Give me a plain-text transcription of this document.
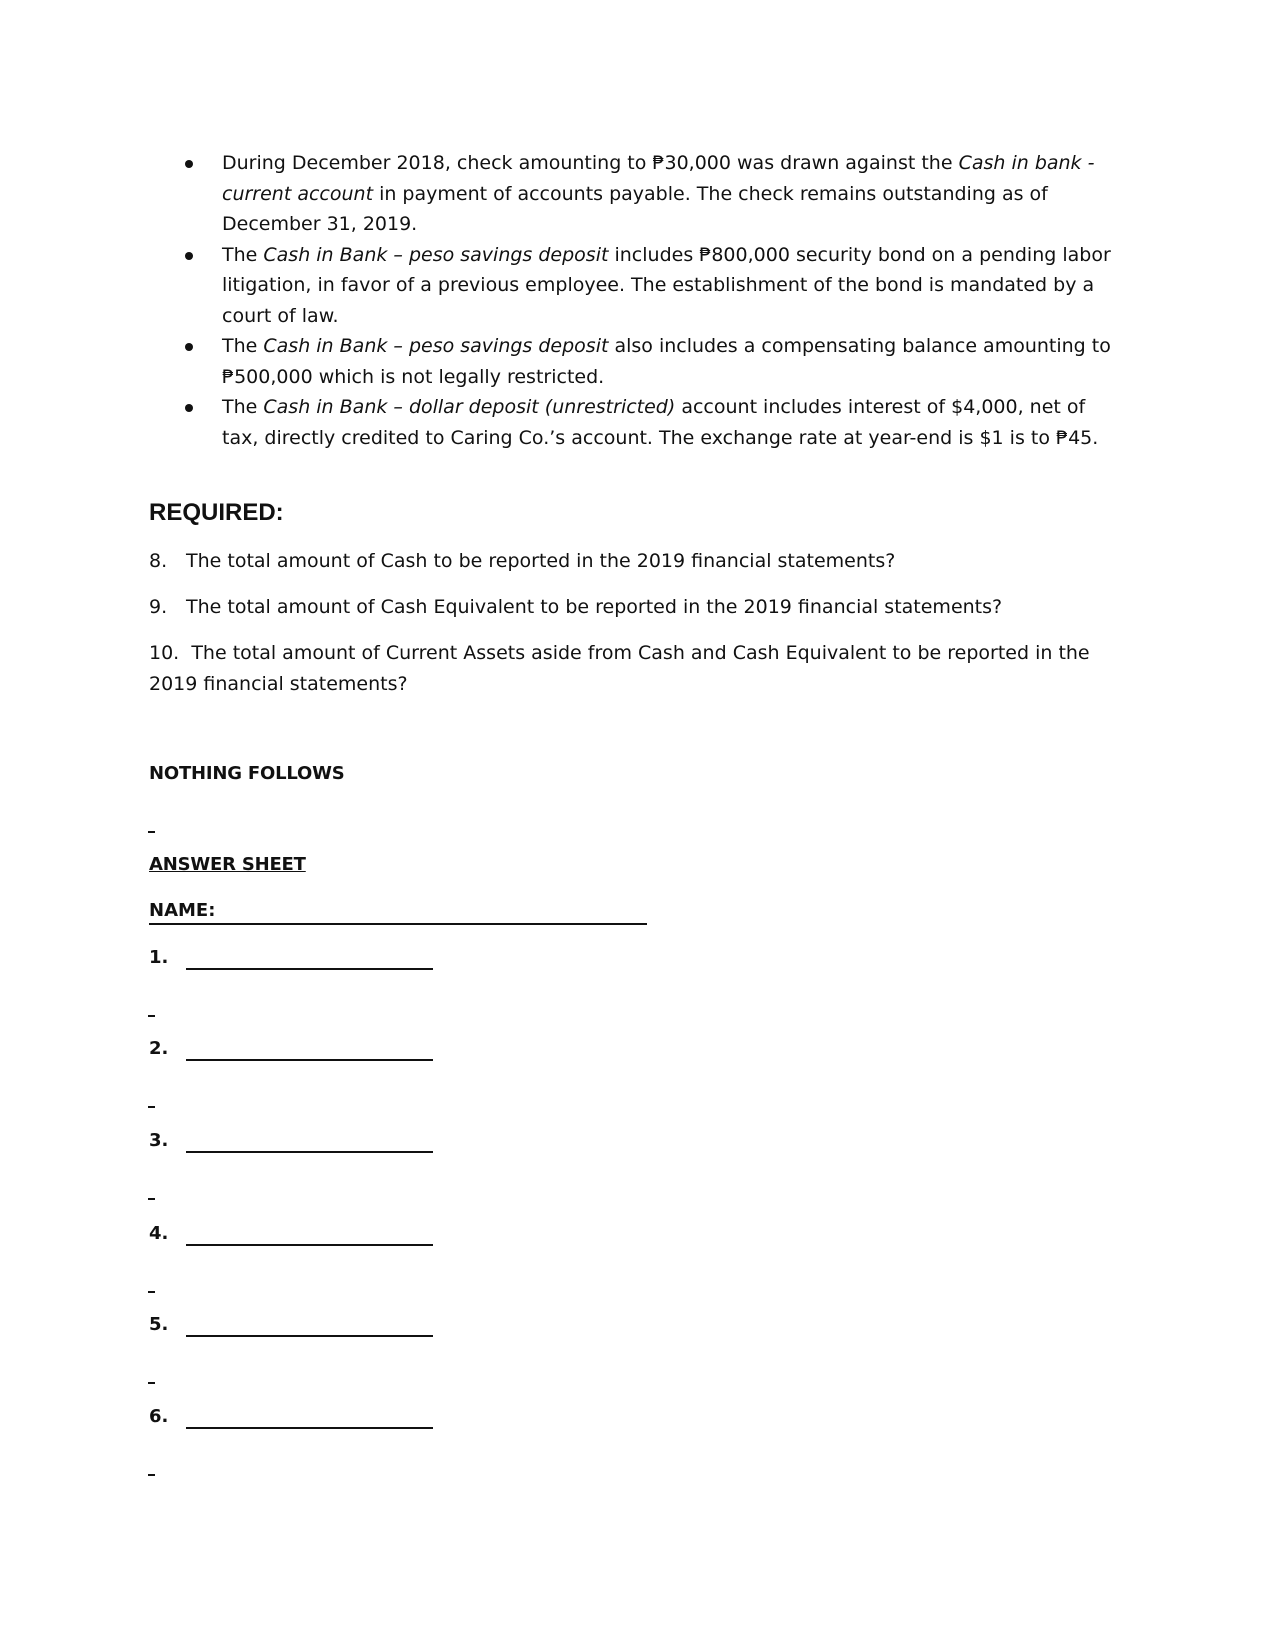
During December 2018, check amounting to ₱30,000 was drawn against the Cash in bank - current account in payment of accounts payable. The check remains outstanding as of December 31, 2019.
The Cash in Bank – peso savings deposit includes ₱800,000 security bond on a pending labor litigation, in favor of a previous employee. The establishment of the bond is mandated by a court of law.
The Cash in Bank – peso savings deposit also includes a compensating balance amounting to ₱500,000 which is not legally restricted.
The Cash in Bank – dollar deposit (unrestricted) account includes interest of $4,000, net of tax, directly credited to Caring Co.’s account. The exchange rate at year-end is $1 is to ₱45.
REQUIRED:

8. The total amount of Cash to be reported in the 2019 financial statements?

9. The total amount of Cash Equivalent to be reported in the 2019 financial statements?

10. The total amount of Current Assets aside from Cash and Cash Equivalent to be reported in the 2019 financial statements?

NOTHING FOLLOWS

ANSWER SHEET

NAME:

1.
2.
3.
4.
5.
6.
